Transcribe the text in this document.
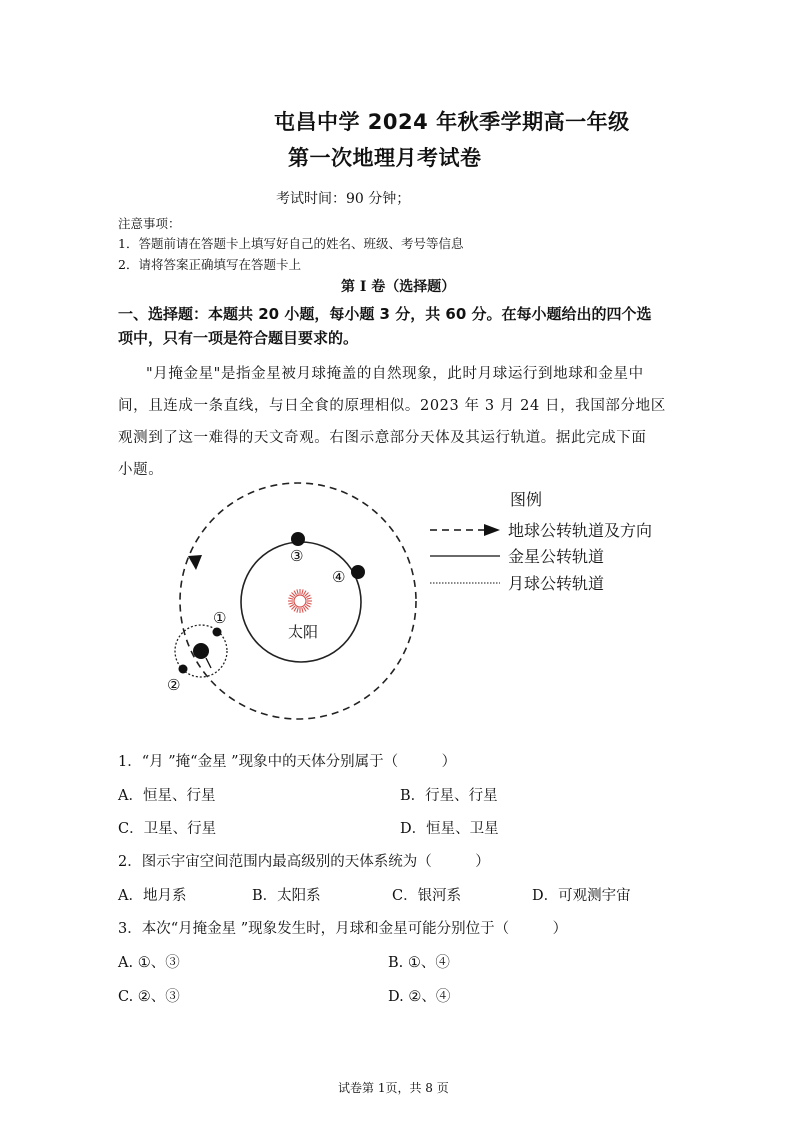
屯昌中学 2024 年秋季学期高一年级
第一次地理月考试卷
考试时间：90 分钟；
注意事项：
1．答题前请在答题卡上填写好自己的姓名、班级、考号等信息
2．请将答案正确填写在答题卡上
第 I 卷（选择题）
一、选择题：本题共 20 小题，每小题 3 分，共 60 分。在每小题给出的四个选
项中，只有一项是符合题目要求的。
"月掩金星"是指金星被月球掩盖的自然现象，此时月球运行到地球和金星中
间，且连成一条直线，与日全食的原理相似。2023 年 3 月 24 日，我国部分地区
观测到了这一难得的天文奇观。右图示意部分天体及其运行轨道。据此完成下面
小题。
太阳
①
②
③
④
图例
地球公转轨道及方向
金星公转轨道
月球公转轨道
1．“月 ”掩“金星 ”现象中的天体分别属于（　　　）
A．恒星、行星	B．行星、行星
C．卫星、行星	D．恒星、卫星
2．图示宇宙空间范围内最高级别的天体系统为（　　　）
A．地月系	B．太阳系	C．银河系	D．可观测宇宙
3．本次“月掩金星 ”现象发生时，月球和金星可能分别位于（　　　）
A. ①、③	B. ①、④
C. ②、③	D. ②、④
试卷第 1页，共 8 页
